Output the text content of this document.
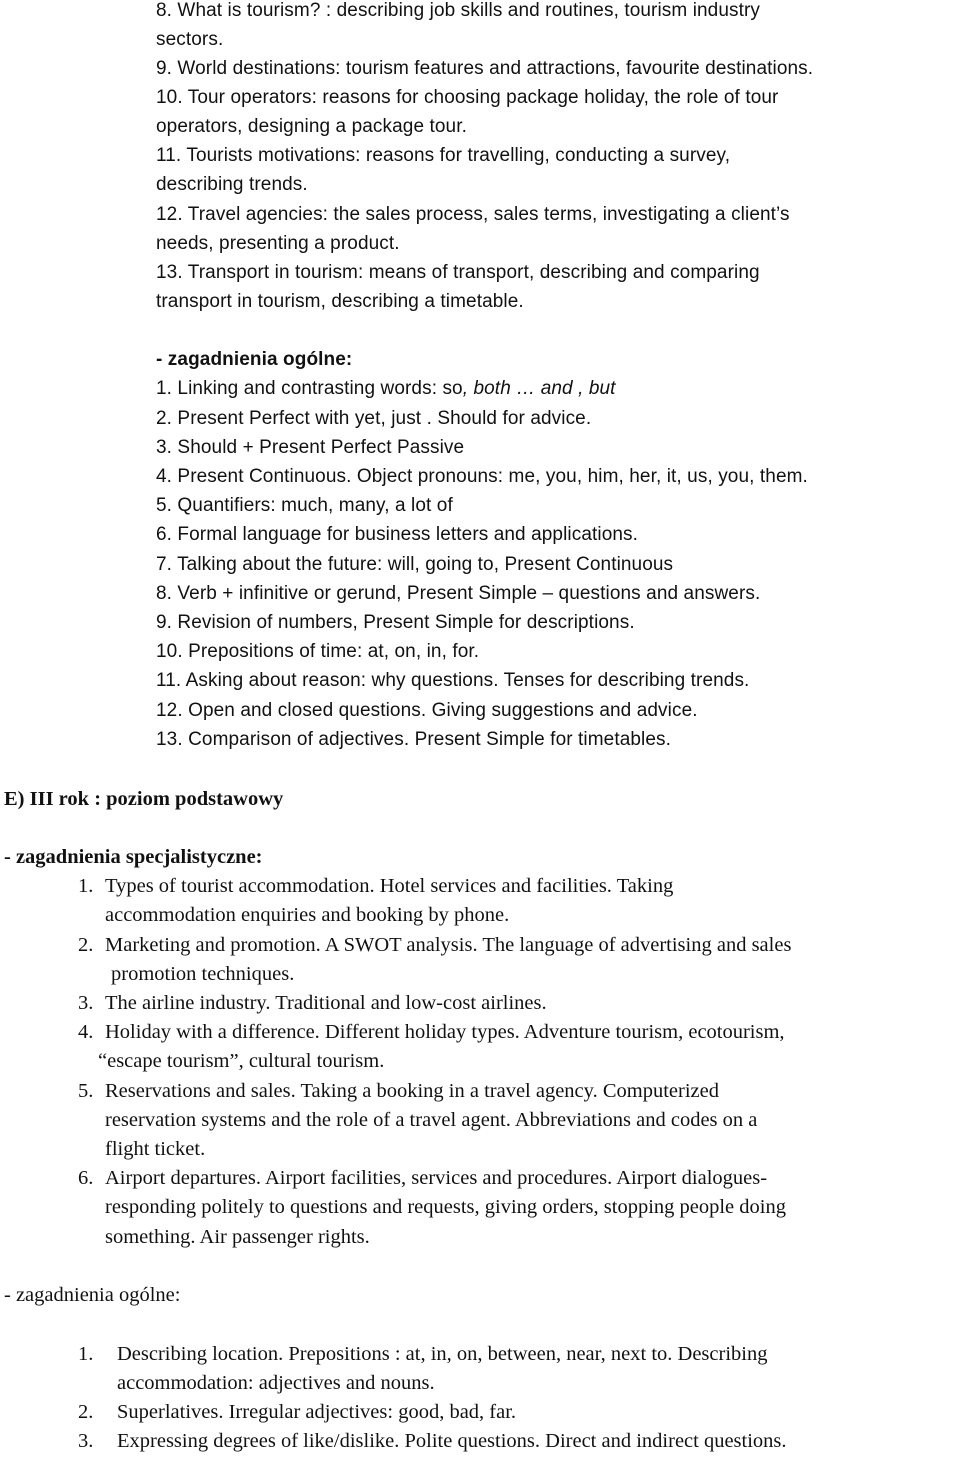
8. What is tourism? : describing job skills and routines, tourism industry
sectors.
9. World destinations: tourism features and attractions, favourite destinations.
10. Tour operators: reasons for choosing package holiday, the role of tour
operators, designing a package tour.
11. Tourists motivations: reasons for travelling, conducting a survey,
describing trends.
12. Travel agencies: the sales process, sales terms, investigating a client’s
needs, presenting a product.
13. Transport in tourism: means of transport, describing and comparing
transport in tourism, describing a timetable.
- zagadnienia ogólne:
1. Linking and contrasting words: so, both … and , but
2. Present Perfect with yet, just . Should for advice.
3. Should + Present Perfect Passive
4. Present Continuous. Object pronouns: me, you, him, her, it, us, you, them.
5. Quantifiers: much, many, a lot of
6. Formal language for business letters and applications.
7. Talking about the future: will, going to, Present Continuous
8. Verb + infinitive or gerund, Present Simple – questions and answers.
9. Revision of numbers, Present Simple for descriptions.
10. Prepositions of time: at, on, in, for.
11. Asking about reason: why questions. Tenses for describing trends.
12. Open and closed questions. Giving suggestions and advice.
13. Comparison of adjectives. Present Simple for timetables.
E) III rok : poziom podstawowy
- zagadnienia specjalistyczne:
1. Types of tourist accommodation. Hotel services and facilities. Taking
accommodation enquiries and booking by phone.
2. Marketing and promotion. A SWOT analysis. The language of advertising and sales
promotion techniques.
3. The airline industry. Traditional and low-cost airlines.
4. Holiday with a difference. Different holiday types. Adventure tourism, ecotourism,
“escape tourism”, cultural tourism.
5. Reservations and sales. Taking a booking in a travel agency. Computerized
reservation systems and the role of a travel agent. Abbreviations and codes on a
flight ticket.
6. Airport departures. Airport facilities, services and procedures. Airport dialogues-
responding politely to questions and requests, giving orders, stopping people doing
something. Air passenger rights.
- zagadnienia ogólne:
1. Describing location. Prepositions : at, in, on, between, near, next to. Describing
accommodation: adjectives and nouns.
2. Superlatives. Irregular adjectives: good, bad, far.
3. Expressing degrees of like/dislike. Polite questions. Direct and indirect questions.
